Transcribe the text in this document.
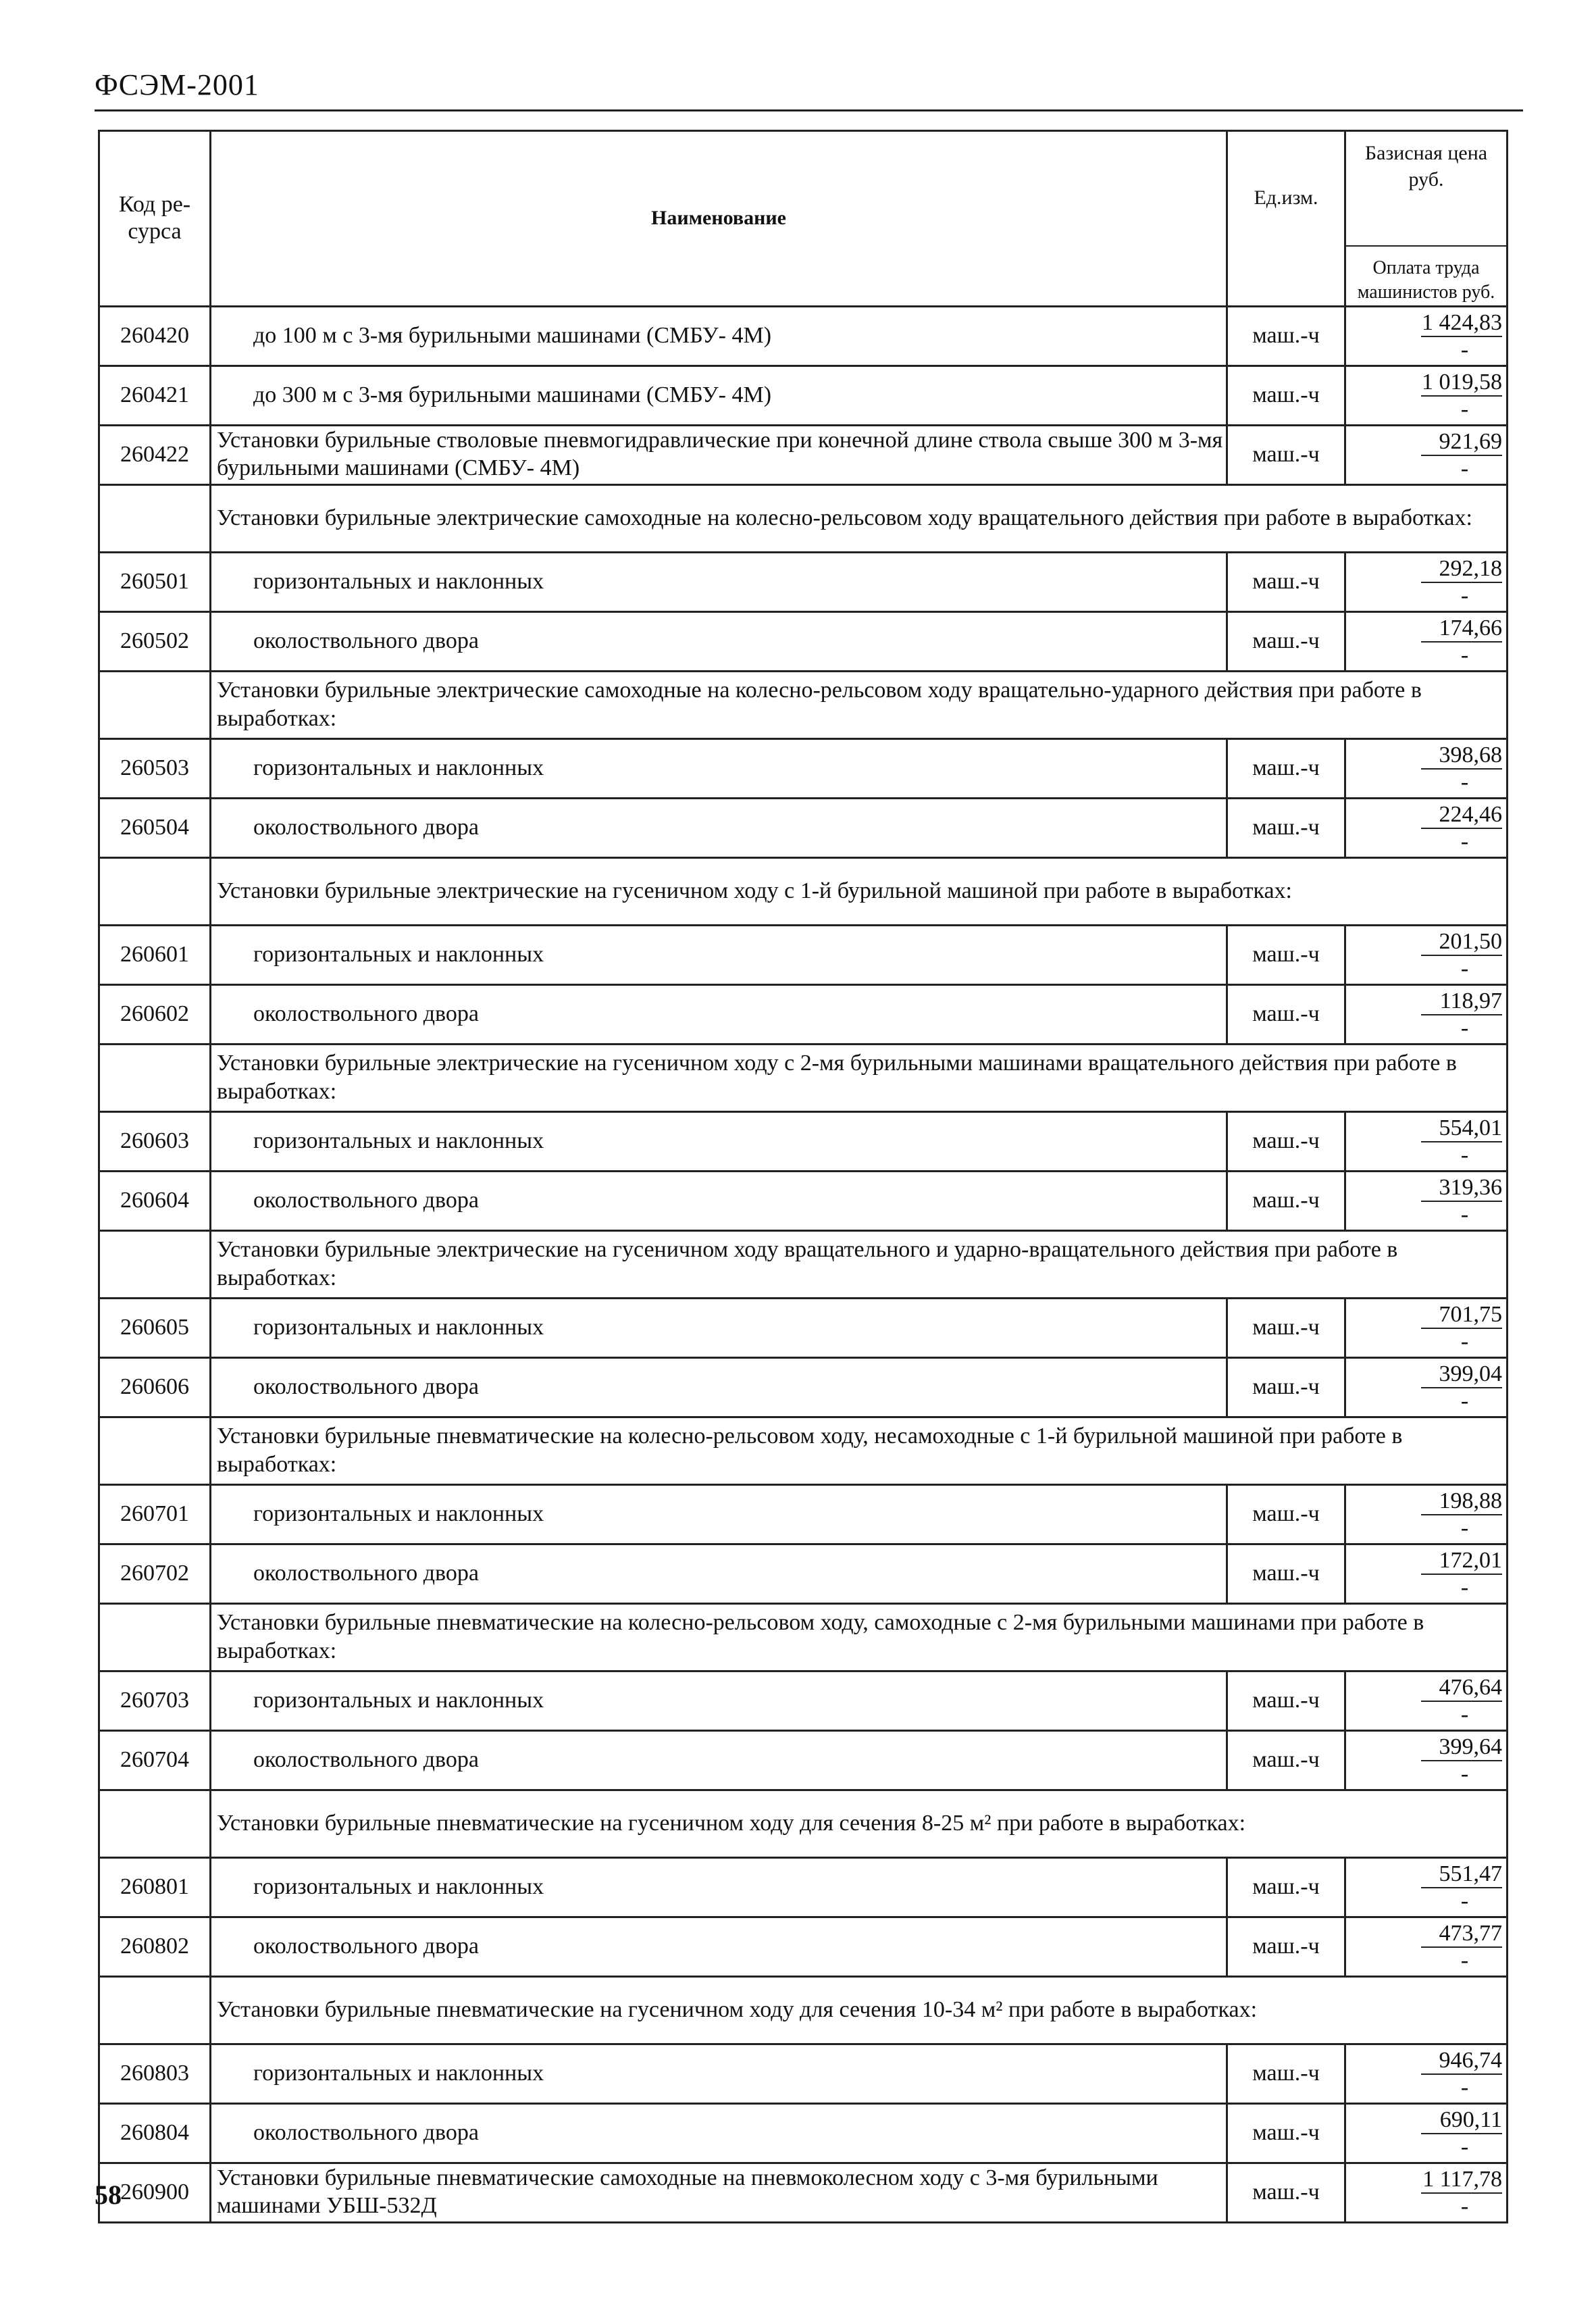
ФСЭМ-2001
Код ре-сурса	Наименование	Ед.изм.	Базисная цена руб.
Оплата труда машинистов руб.

260420	до 100 м с 3-мя бурильными машинами (СМБУ- 4М)	маш.-ч	1 424,83
-

260421	до 300 м с 3-мя бурильными машинами (СМБУ- 4М)	маш.-ч	1 019,58
-

260422	Установки бурильные стволовые пневмогидравлические при конечной длине ствола свыше 300 м 3-мя бурильными машинами (СМБУ- 4М)	маш.-ч	921,69
-

	Установки бурильные электрические самоходные на колесно-рельсовом ходу вращательного действия при работе в выработках:		
260501	горизонтальных и наклонных	маш.-ч	292,18
-

260502	околоствольного двора	маш.-ч	174,66
-

	Установки бурильные электрические самоходные на колесно-рельсовом ходу вращательно-ударного действия при работе в выработках:		
260503	горизонтальных и наклонных	маш.-ч	398,68
-

260504	околоствольного двора	маш.-ч	224,46
-

	Установки бурильные электрические на гусеничном ходу с 1-й бурильной машиной при работе в выработках:		
260601	горизонтальных и наклонных	маш.-ч	201,50
-

260602	околоствольного двора	маш.-ч	118,97
-

	Установки бурильные электрические на гусеничном ходу с 2-мя бурильными машинами вращательного действия при работе в выработках:		
260603	горизонтальных и наклонных	маш.-ч	554,01
-

260604	околоствольного двора	маш.-ч	319,36
-

	Установки бурильные электрические на гусеничном ходу вращательного и ударно-вращательного действия при работе в выработках:		
260605	горизонтальных и наклонных	маш.-ч	701,75
-

260606	околоствольного двора	маш.-ч	399,04
-

	Установки бурильные пневматические на колесно-рельсовом ходу, несамоходные с 1-й бурильной машиной при работе в выработках:		
260701	горизонтальных и наклонных	маш.-ч	198,88
-

260702	околоствольного двора	маш.-ч	172,01
-

	Установки бурильные пневматические на колесно-рельсовом ходу, самоходные с 2-мя бурильными машинами при работе в выработках:		
260703	горизонтальных и наклонных	маш.-ч	476,64
-

260704	околоствольного двора	маш.-ч	399,64
-

	Установки бурильные пневматические на гусеничном ходу для сечения 8-25 м² при работе в выработках:		
260801	горизонтальных и наклонных	маш.-ч	551,47
-

260802	околоствольного двора	маш.-ч	473,77
-

	Установки бурильные пневматические на гусеничном ходу для сечения 10-34 м² при работе в выработках:		
260803	горизонтальных и наклонных	маш.-ч	946,74
-

260804	околоствольного двора	маш.-ч	690,11
-

260900	Установки бурильные пневматические самоходные на пневмоколесном ходу с 3-мя бурильными машинами УБШ-532Д	маш.-ч	1 117,78
-
58
